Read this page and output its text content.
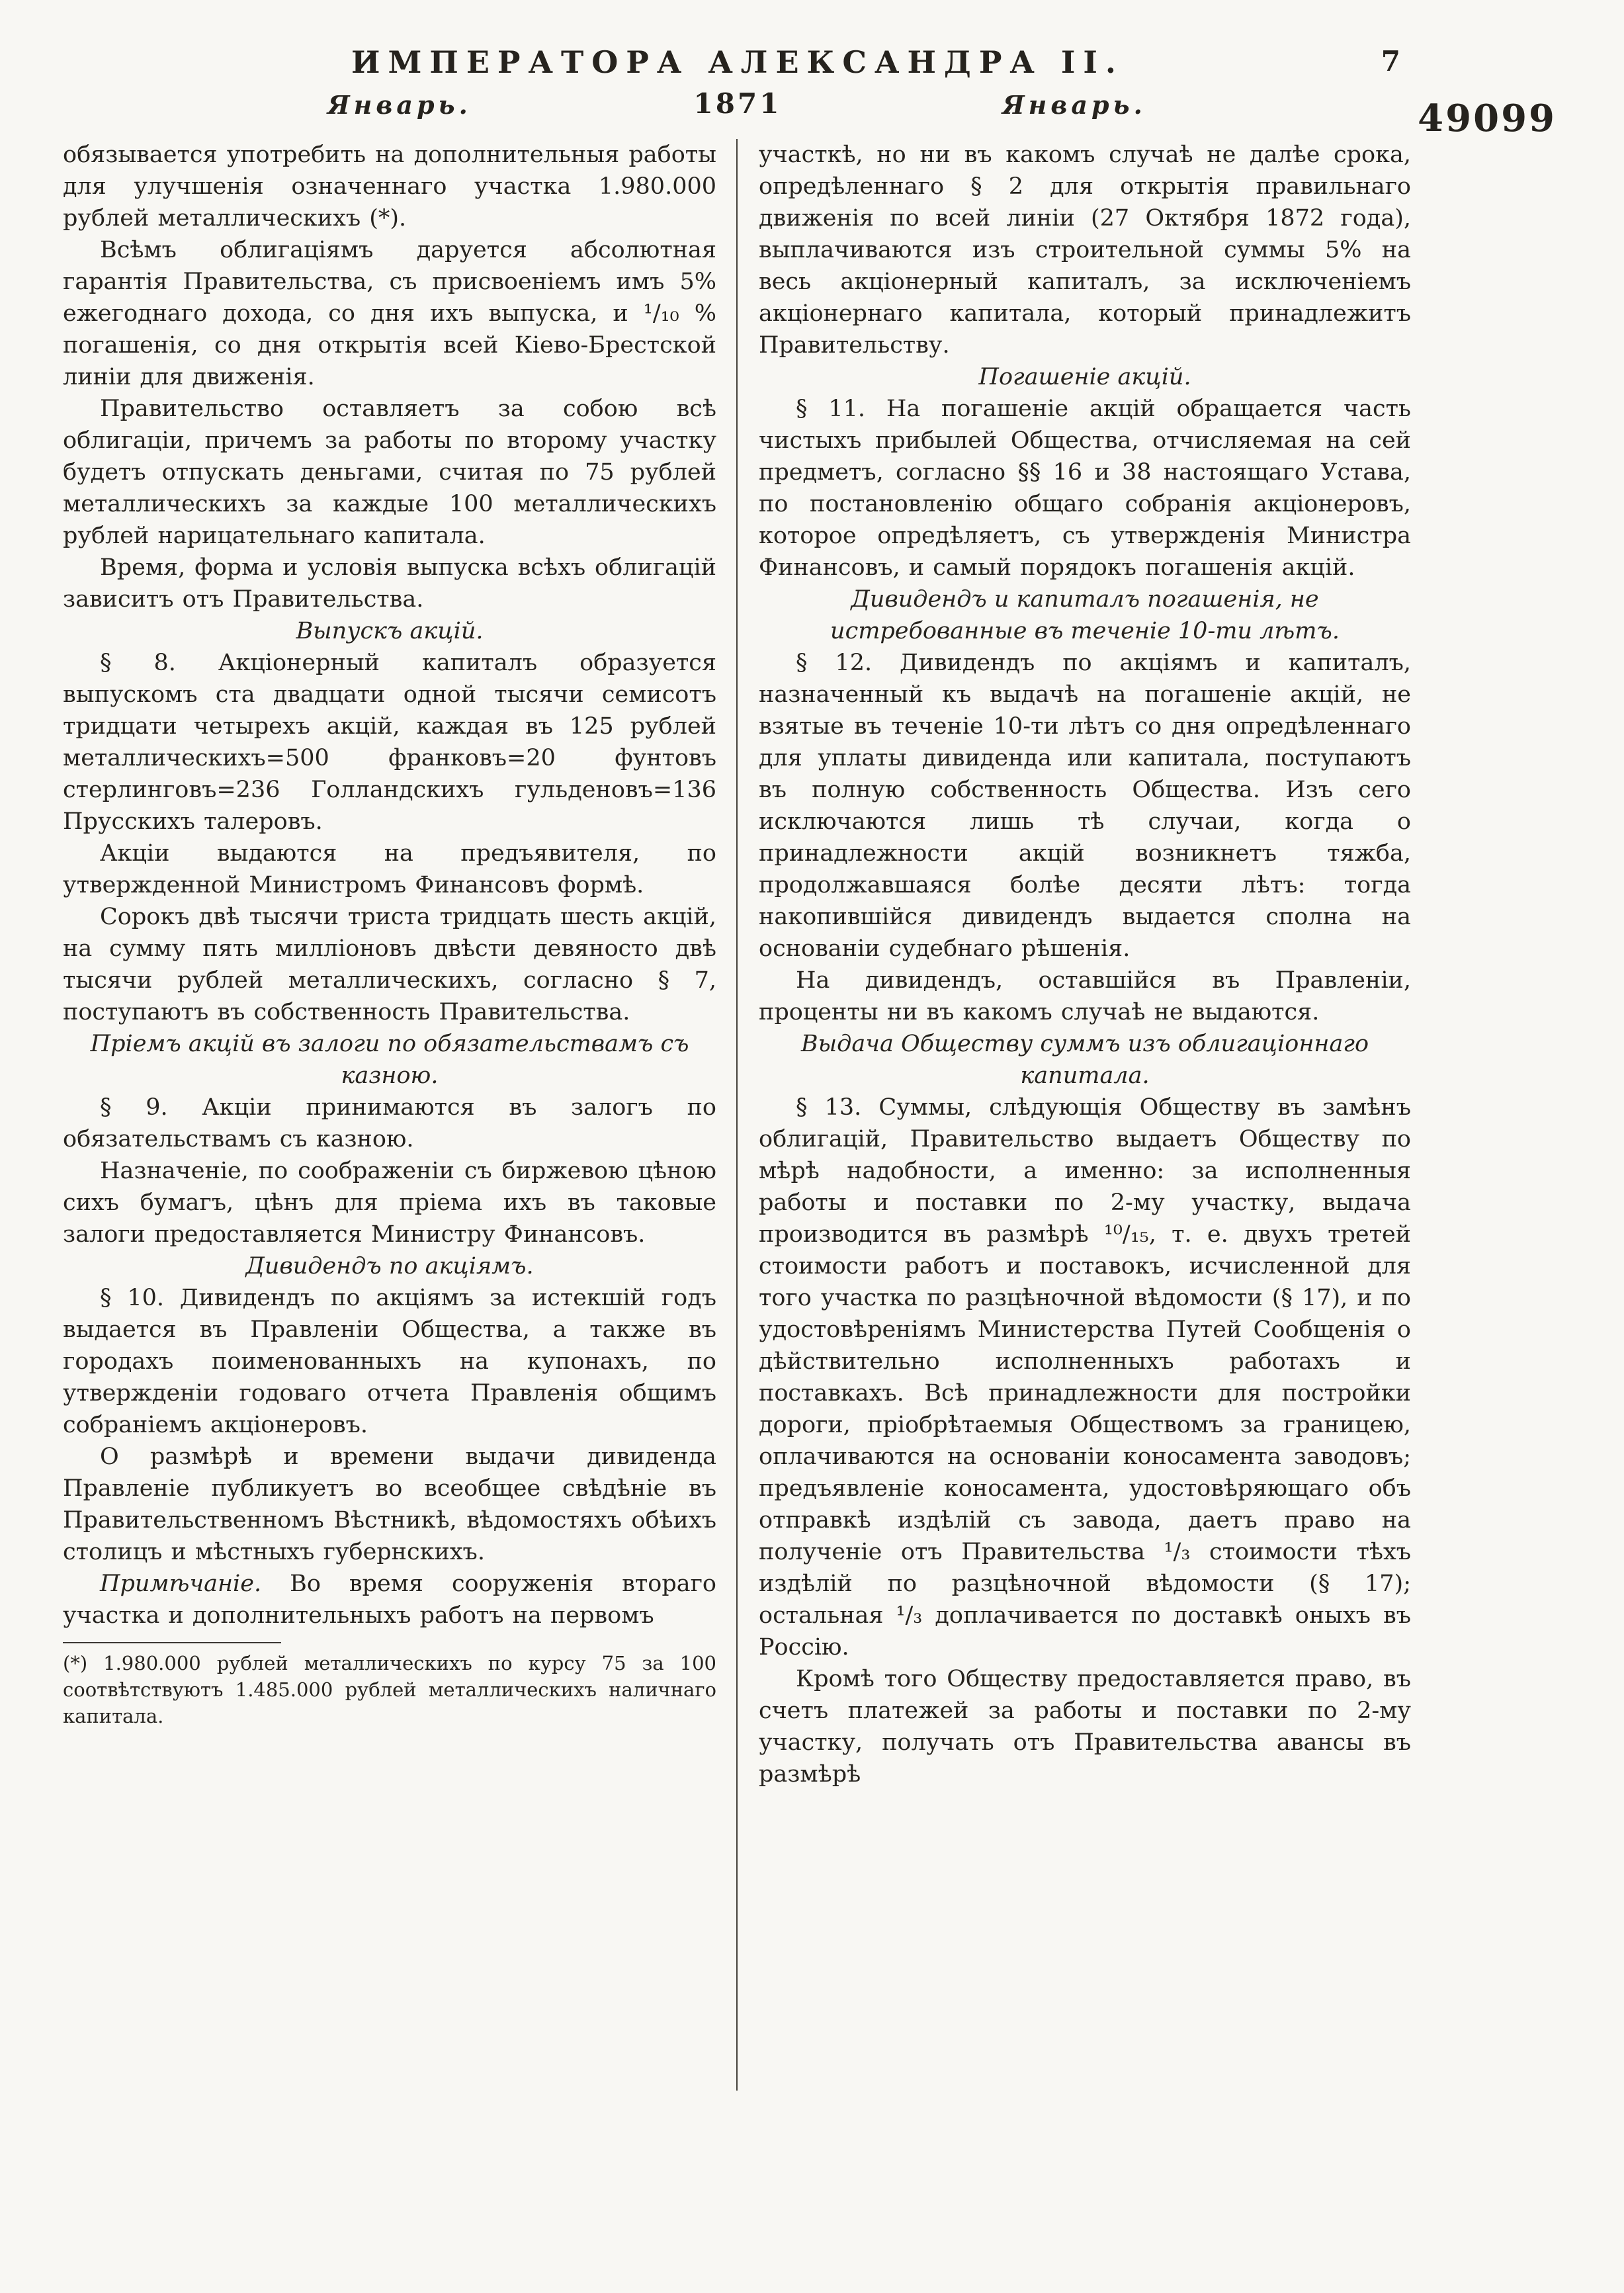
ИМПЕРАТОРА АЛЕКСАНДРА II.	7
Январь.	1871	Январь.	49099

обязывается употребить на дополнительныя работы для улучшенія означеннаго участка 1.980.000 рублей металлическихъ (*).

Всѣмъ облигаціямъ даруется абсолютная гарантія Правительства, съ присвоеніемъ имъ 5% ежегоднаго дохода, со дня ихъ выпуска, и ¹/₁₀ % погашенія, со дня открытія всей Кіево-Брестской линіи для движенія.

Правительство оставляетъ за собою всѣ облигаціи, причемъ за работы по второму участку будетъ отпускать деньгами, считая по 75 рублей металлическихъ за каждые 100 металлическихъ рублей нарицательнаго капитала.

Время, форма и условія выпуска всѣхъ облигацій зависитъ отъ Правительства.

Выпускъ акцій.

§ 8. Акціонерный капиталъ образуется выпускомъ ста двадцати одной тысячи семисотъ тридцати четырехъ акцій, каждая въ 125 рублей металлическихъ=500 франковъ=20 фунтовъ стерлинговъ=236 Голландскихъ гульденовъ=136 Прусскихъ талеровъ.

Акціи выдаются на предъявителя, по утвержденной Министромъ Финансовъ формѣ.

Сорокъ двѣ тысячи триста тридцать шесть акцій, на сумму пять милліоновъ двѣсти девяносто двѣ тысячи рублей металлическихъ, согласно § 7, поступаютъ въ собственность Правительства.

Пріемъ акцій въ залоги по обязательствамъ съ казною.

§ 9. Акціи принимаются въ залогъ по обязательствамъ съ казною.

Назначеніе, по соображеніи съ биржевою цѣною сихъ бумагъ, цѣнъ для пріема ихъ въ таковые залоги предоставляется Министру Финансовъ.

Дивидендъ по акціямъ.

§ 10. Дивидендъ по акціямъ за истекшій годъ выдается въ Правленіи Общества, а также въ городахъ поименованныхъ на купонахъ, по утвержденіи годоваго отчета Правленія общимъ собраніемъ акціонеровъ.

О размѣрѣ и времени выдачи дивиденда Правленіе публикуетъ во всеобщее свѣдѣніе въ Правительственномъ Вѣстникѣ, вѣдомостяхъ обѣихъ столицъ и мѣстныхъ губернскихъ.

Примѣчаніе. Во время сооруженія втораго участка и дополнительныхъ работъ на первомъ

(*) 1.980.000 рублей металлическихъ по курсу 75 за 100 соотвѣтствуютъ 1.485.000 рублей металлическихъ наличнаго капитала.

участкѣ, но ни въ какомъ случаѣ не далѣе срока, опредѣленнаго § 2 для открытія правильнаго движенія по всей линіи (27 Октября 1872 года), выплачиваются изъ строительной суммы 5% на весь акціонерный капиталъ, за исключеніемъ акціонернаго капитала, который принадлежитъ Правительству.

Погашеніе акцій.

§ 11. На погашеніе акцій обращается часть чистыхъ прибылей Общества, отчисляемая на сей предметъ, согласно §§ 16 и 38 настоящаго Устава, по постановленію общаго собранія акціонеровъ, которое опредѣляетъ, съ утвержденія Министра Финансовъ, и самый порядокъ погашенія акцій.

Дивидендъ и капиталъ погашенія, не истребованные въ теченіе 10-ти лѣтъ.

§ 12. Дивидендъ по акціямъ и капиталъ, назначенный къ выдачѣ на погашеніе акцій, не взятые въ теченіе 10-ти лѣтъ со дня опредѣленнаго для уплаты дивиденда или капитала, поступаютъ въ полную собственность Общества. Изъ сего исключаются лишь тѣ случаи, когда о принадлежности акцій возникнетъ тяжба, продолжавшаяся болѣе десяти лѣтъ: тогда накопившійся дивидендъ выдается сполна на основаніи судебнаго рѣшенія.

На дивидендъ, оставшійся въ Правленіи, проценты ни въ какомъ случаѣ не выдаются.

Выдача Обществу суммъ изъ облигаціоннаго капитала.

§ 13. Суммы, слѣдующія Обществу въ замѣнъ облигацій, Правительство выдаетъ Обществу по мѣрѣ надобности, а именно: за исполненныя работы и поставки по 2-му участку, выдача производится въ размѣрѣ ¹⁰/₁₅, т. е. двухъ третей стоимости работъ и поставокъ, исчисленной для того участка по разцѣночной вѣдомости (§ 17), и по удостовѣреніямъ Министерства Путей Сообщенія о дѣйствительно исполненныхъ работахъ и поставкахъ. Всѣ принадлежности для постройки дороги, пріобрѣтаемыя Обществомъ за границею, оплачиваются на основаніи коносамента заводовъ; предъявленіе коносамента, удостовѣряющаго объ отправкѣ издѣлій съ завода, даетъ право на полученіе отъ Правительства ¹/₃ стоимости тѣхъ издѣлій по разцѣночной вѣдомости (§ 17); остальная ¹/₃ доплачивается по доставкѣ оныхъ въ Россію.

Кромѣ того Обществу предоставляется право, въ счетъ платежей за работы и поставки по 2-му участку, получать отъ Правительства авансы въ размѣрѣ
